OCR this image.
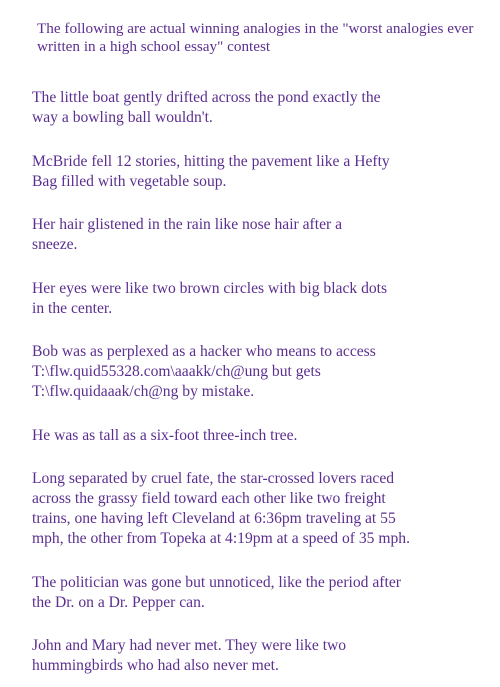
The following are actual winning analogies in the "worst analogies ever written in a high school essay" contest

The little boat gently drifted across the pond exactly the
way a bowling ball wouldn't.

McBride fell 12 stories, hitting the pavement like a Hefty
Bag filled with vegetable soup.

Her hair glistened in the rain like nose hair after a
sneeze.

Her eyes were like two brown circles with big black dots
in the center.

Bob was as perplexed as a hacker who means to access
T:\flw.quid55328.com\aaakk/ch@ung but gets
T:\flw.quidaaak/ch@ng by mistake.

He was as tall as a six-foot three-inch tree.

Long separated by cruel fate, the star-crossed lovers raced
across the grassy field toward each other like two freight
trains, one having left Cleveland at 6:36pm traveling at 55
mph, the other from Topeka at 4:19pm at a speed of 35 mph.

The politician was gone but unnoticed, like the period after
the Dr. on a Dr. Pepper can.

John and Mary had never met. They were like two
hummingbirds who had also never met.
